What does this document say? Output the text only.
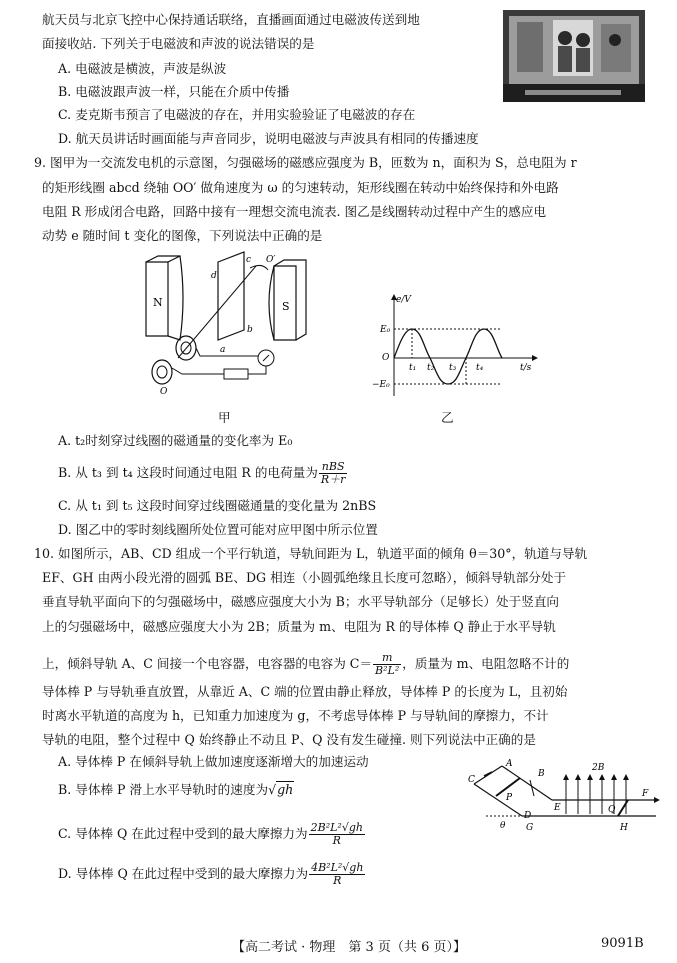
航天员与北京飞控中心保持通话联络，直播画面通过电磁波传送到地
面接收站. 下列关于电磁波和声波的说法错误的是
A. 电磁波是横波，声波是纵波
B. 电磁波跟声波一样，只能在介质中传播
C. 麦克斯韦预言了电磁波的存在，并用实验验证了电磁波的存在
D. 航天员讲话时画面能与声音同步，说明电磁波与声波具有相同的传播速度
9. 图甲为一交流发电机的示意图，匀强磁场的磁感应强度为 B，匝数为 n，面积为 S，总电阻为 r
的矩形线圈 abcd 绕轴 OO′ 做角速度为 ω 的匀速转动，矩形线圈在转动中始终保持和外电路
电阻 R 形成闭合电路，回路中接有一理想交流电流表. 图乙是线圈转动过程中产生的感应电
动势 e 随时间 t 变化的图像，下列说法中正确的是
N	S
c
d
b
a
O′
O
甲
e/V
E₀
−E₀
O
t/s
t₁ t₂ t₃ t₄
乙
A. t₂时刻穿过线圈的磁通量的变化率为 E₀
B. 从 t₃ 到 t₄ 这段时间通过电阻 R 的电荷量为 $\frac{\text{nBS}}{R+r}$
C. 从 t₁ 到 t₅ 这段时间穿过线圈磁通量的变化量为 2nBS
D. 图乙中的零时刻线圈所处位置可能对应甲图中所示位置
10. 如图所示，AB、CD 组成一个平行轨道，导轨间距为 L，轨道平面的倾角 θ＝30°，轨道与导轨
EF、GH 由两小段光滑的圆弧 BE、DG 相连（小圆弧绝缘且长度可忽略），倾斜导轨部分处于
垂直导轨平面向下的匀强磁场中，磁感应强度大小为 B；水平导轨部分（足够长）处于竖直向
上的匀强磁场中，磁感应强度大小为 2B；质量为 m、电阻为 R 的导体棒 Q 静止于水平导轨
上，倾斜导轨 A、C 间接一个电容器，电容器的电容为 $C= \frac{m}{\text{B²L²}}$ ，质量为 m、电阻忽略不计的
导体棒 P 与导轨垂直放置，从靠近 A、C 端的位置由静止释放，导体棒 P 的长度为 L，且初始
时离水平轨道的高度为 h，已知重力加速度为 g，不考虑导体棒 P 与导轨间的摩擦力，不计
导轨的电阻，整个过程中 Q 始终静止不动且 P、Q 没有发生碰撞. 则下列说法中正确的是
A. 导体棒 P 在倾斜导轨上做加速度逐渐增大的加速运动
B. 导体棒 P 滑上水平导轨时的速度为√gh
C. 导体棒 Q 在此过程中受到的最大摩擦力为 $\frac{\text{2B²L²√gh}}{R}$
D. 导体棒 Q 在此过程中受到的最大摩擦力为 $\frac{\text{4B²L²√gh}}{R}$
C
A
P
B
D
θ
E
F
G	H
2B
Q
【高二考试 · 物理　第 3 页（共 6 页）】	9091B
